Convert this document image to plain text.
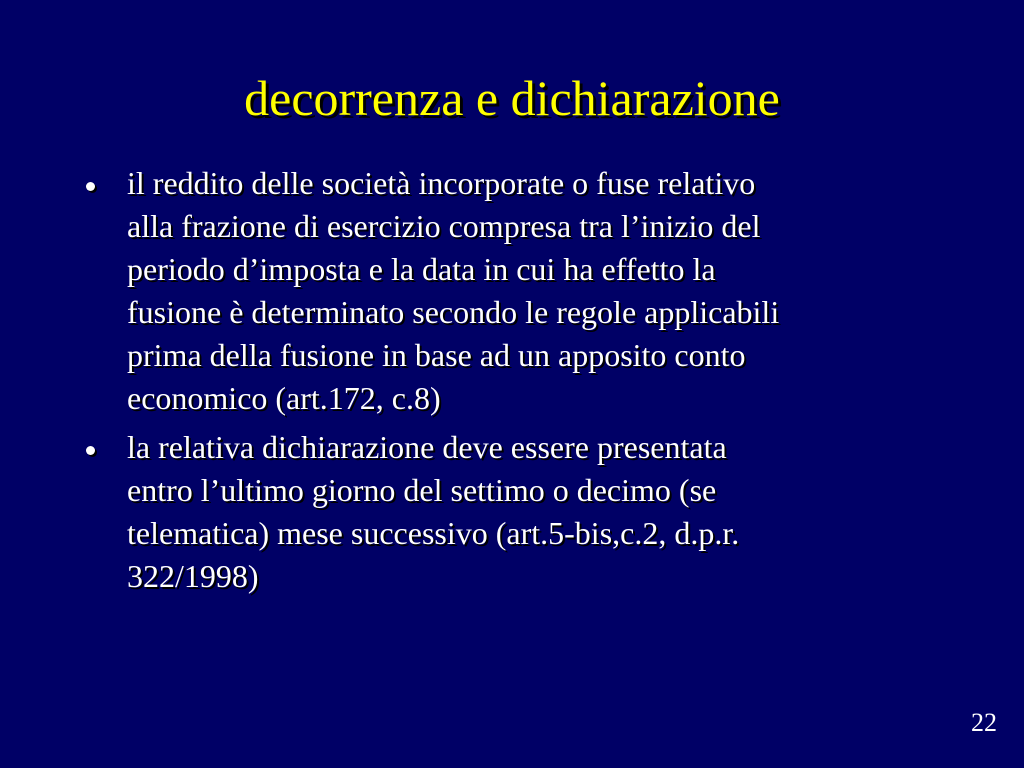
decorrenza e dichiarazione
il reddito delle società incorporate o fuse relativo
alla frazione di esercizio compresa tra l’inizio del
periodo d’imposta e la data in cui ha effetto la
fusione è determinato secondo le regole applicabili
prima della fusione in base ad un apposito conto
economico (art.172, c.8)
la relativa dichiarazione deve essere presentata
entro l’ultimo giorno del settimo o decimo (se
telematica) mese successivo (art.5-bis,c.2, d.p.r.
322/1998)
22
